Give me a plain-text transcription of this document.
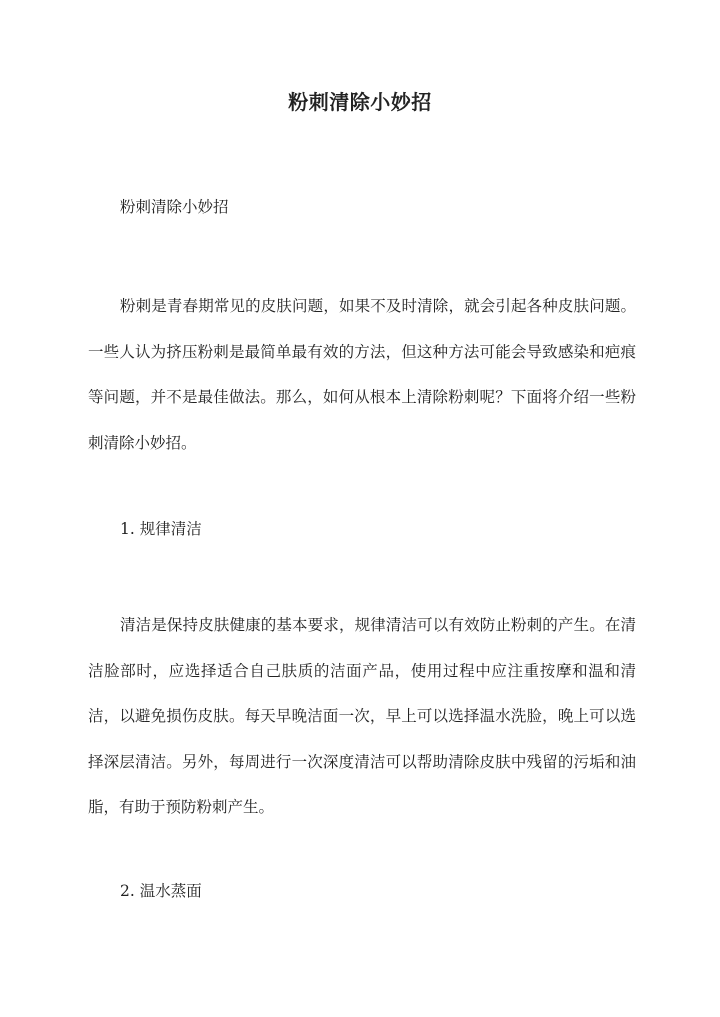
粉刺清除小妙招
粉刺清除小妙招
粉刺是青春期常见的皮肤问题，如果不及时清除，就会引起各种皮肤问题。一些人认为挤压粉刺是最简单最有效的方法，但这种方法可能会导致感染和疤痕等问题，并不是最佳做法。那么，如何从根本上清除粉刺呢？下面将介绍一些粉刺清除小妙招。
1. 规律清洁
清洁是保持皮肤健康的基本要求，规律清洁可以有效防止粉刺的产生。在清洁脸部时，应选择适合自己肤质的洁面产品，使用过程中应注重按摩和温和清洁，以避免损伤皮肤。每天早晚洁面一次，早上可以选择温水洗脸，晚上可以选择深层清洁。另外，每周进行一次深度清洁可以帮助清除皮肤中残留的污垢和油脂，有助于预防粉刺产生。
2. 温水蒸面
